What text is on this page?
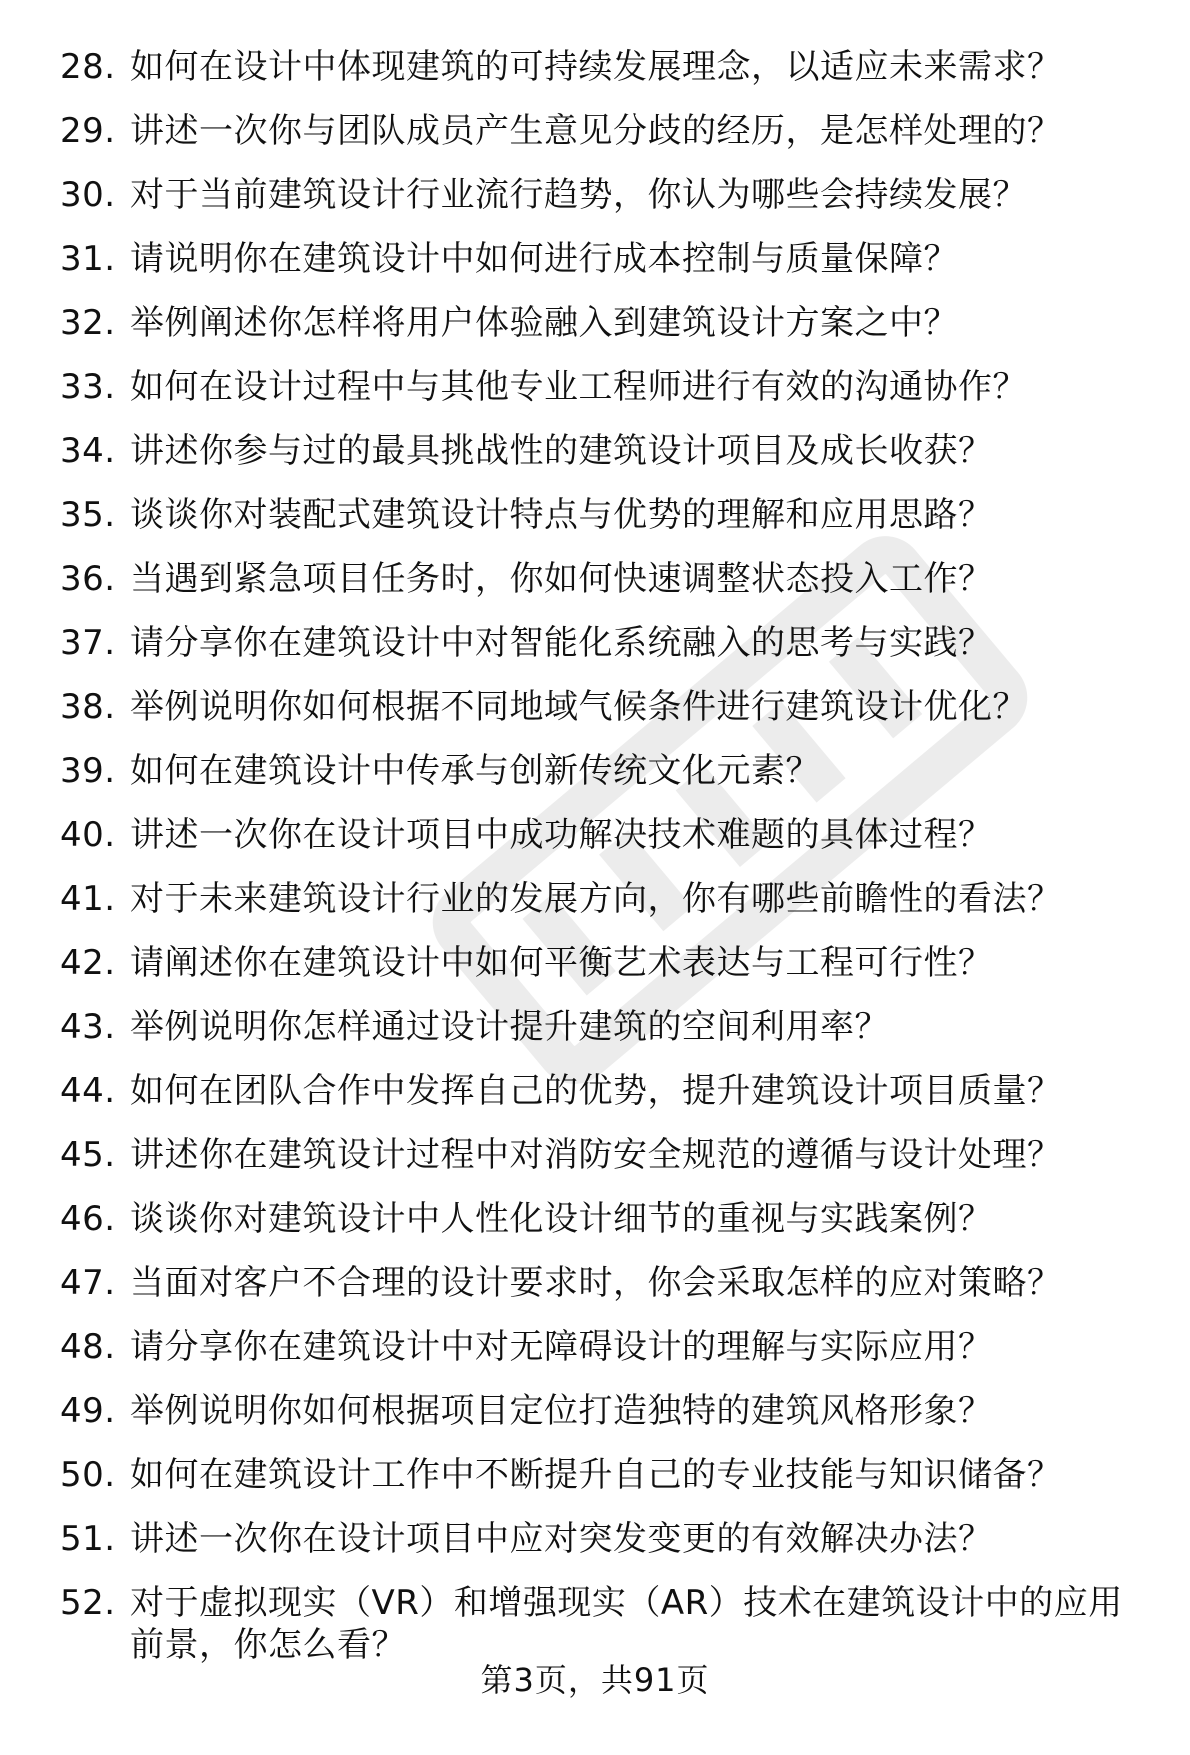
28. 如何在设计中体现建筑的可持续发展理念，以适应未来需求？
29. 讲述一次你与团队成员产生意见分歧的经历，是怎样处理的？
30. 对于当前建筑设计行业流行趋势，你认为哪些会持续发展？
31. 请说明你在建筑设计中如何进行成本控制与质量保障？
32. 举例阐述你怎样将用户体验融入到建筑设计方案之中？
33. 如何在设计过程中与其他专业工程师进行有效的沟通协作？
34. 讲述你参与过的最具挑战性的建筑设计项目及成长收获？
35. 谈谈你对装配式建筑设计特点与优势的理解和应用思路？
36. 当遇到紧急项目任务时，你如何快速调整状态投入工作？
37. 请分享你在建筑设计中对智能化系统融入的思考与实践？
38. 举例说明你如何根据不同地域气候条件进行建筑设计优化？
39. 如何在建筑设计中传承与创新传统文化元素？
40. 讲述一次你在设计项目中成功解决技术难题的具体过程？
41. 对于未来建筑设计行业的发展方向，你有哪些前瞻性的看法？
42. 请阐述你在建筑设计中如何平衡艺术表达与工程可行性？
43. 举例说明你怎样通过设计提升建筑的空间利用率？
44. 如何在团队合作中发挥自己的优势，提升建筑设计项目质量？
45. 讲述你在建筑设计过程中对消防安全规范的遵循与设计处理？
46. 谈谈你对建筑设计中人性化设计细节的重视与实践案例？
47. 当面对客户不合理的设计要求时，你会采取怎样的应对策略？
48. 请分享你在建筑设计中对无障碍设计的理解与实际应用？
49. 举例说明你如何根据项目定位打造独特的建筑风格形象？
50. 如何在建筑设计工作中不断提升自己的专业技能与知识储备？
51. 讲述一次你在设计项目中应对突发变更的有效解决办法？
52. 对于虚拟现实（VR）和增强现实（AR）技术在建筑设计中的应用前景，你怎么看？
第3页，共91页
